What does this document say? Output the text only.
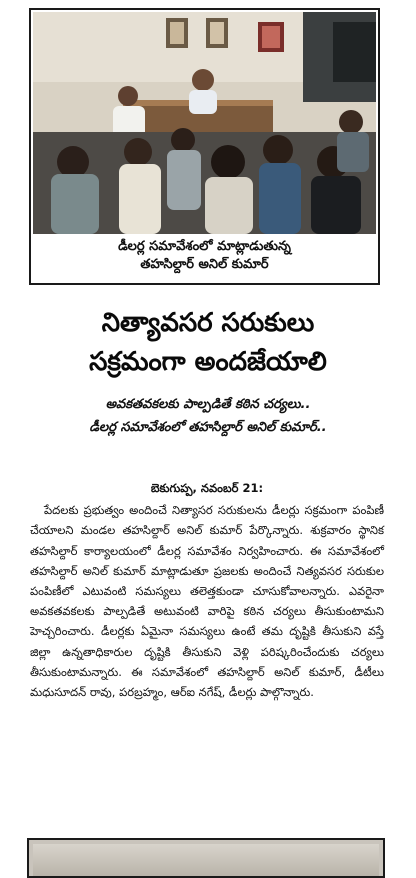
డీలర్ల సమావేశంలో మాట్లాడుతున్న
తహసిల్దార్ అనిల్ కుమార్
నిత్యావసర సరుకులు
సక్రమంగా అందజేయాలి
అవకతవకలకు పాల్పడితే కఠిన చర్యలు..
డీలర్ల సమావేశంలో తహసిల్దార్ అనిల్ కుమార్..
బెకుగుప్ప, నవంబర్ 21:
పేదలకు ప్రభుత్వం అందించే నిత్యాసర సరుకులను డీలర్లు సక్రమంగా పంపిణీ చేయాలని మండల తహసిల్దార్ అనిల్ కుమార్ పేర్కొన్నారు. శుక్రవారం స్థానిక తహసిల్దార్ కార్యాలయంలో డీలర్ల సమావేశం నిర్వహించారు. ఈ సమావేశంలో తహసిల్దార్ అనిల్ కుమార్ మాట్లాడుతూ ప్రజలకు అందించే నిత్యవసర సరుకుల పంపిణీలో ఎటువంటి సమస్యలు తలెత్తకుండా చూసుకోవాలన్నారు. ఎవరైనా అవకతవకలకు పాల్పడితే అటువంటి వారిపై కఠిన చర్యలు తీసుకుంటామని హెచ్చరించారు. డీలర్లకు ఏమైనా సమస్యలు ఉంటే తమ దృష్టికి తీసుకుని వస్తే జిల్లా ఉన్నతాధికారుల దృష్టికి తీసుకుని వెళ్లి పరిష్కరించేందుకు చర్యలు తీసుకుంటామన్నారు. ఈ సమావేశంలో తహసిల్దార్ అనిల్ కుమార్, డీటీలు మధుసూదన్ రావు, పరబ్రహ్మం, ఆర్ఐ నగేష్, డీలర్లు పాల్గొన్నారు.
